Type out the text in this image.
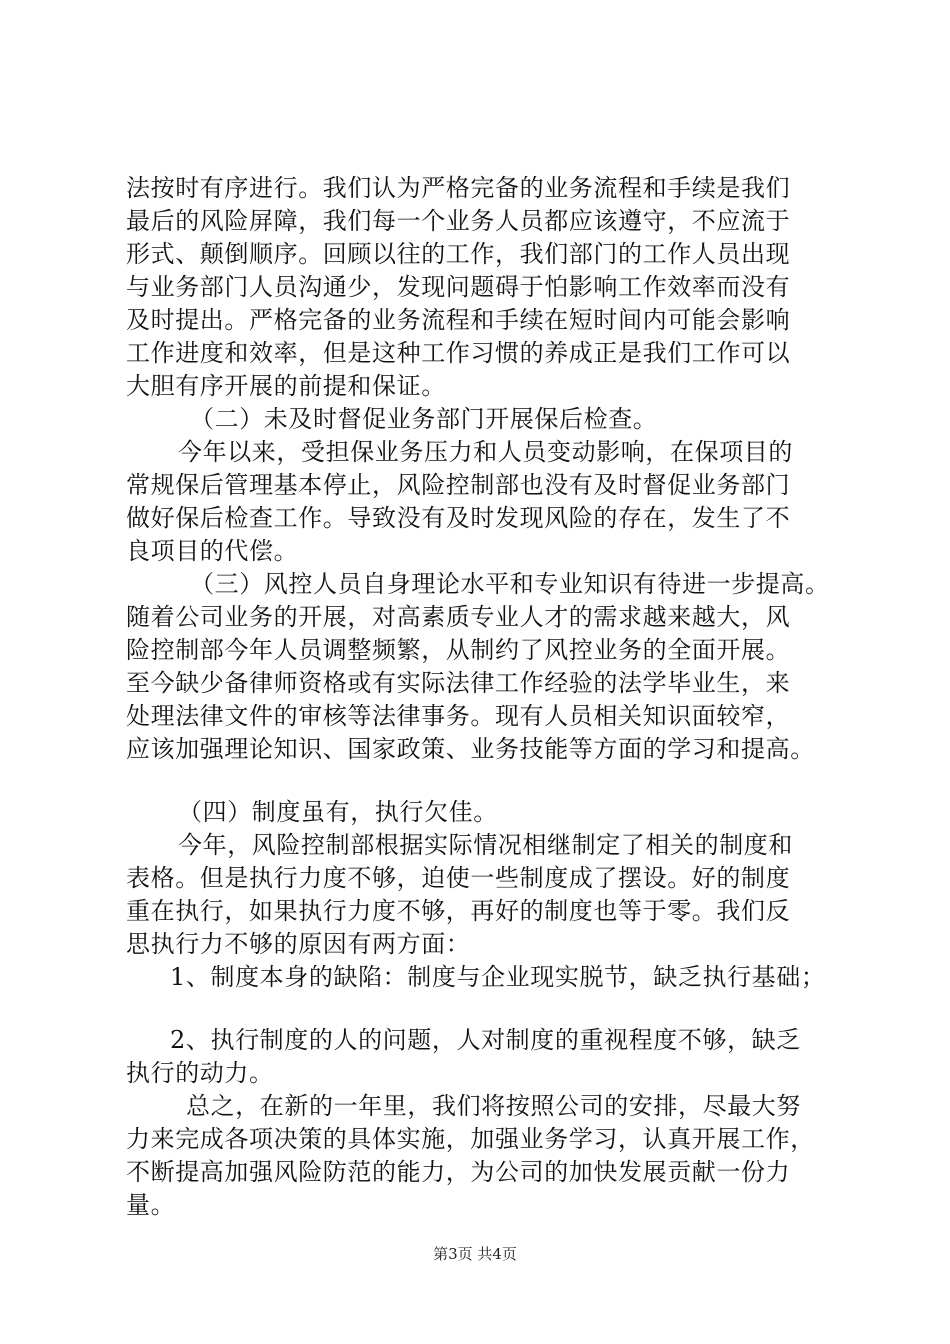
法按时有序进行。我们认为严格完备的业务流程和手续是我们
最后的风险屏障，我们每一个业务人员都应该遵守，不应流于
形式、颠倒顺序。回顾以往的工作，我们部门的工作人员出现
与业务部门人员沟通少，发现问题碍于怕影响工作效率而没有
及时提出。严格完备的业务流程和手续在短时间内可能会影响
工作进度和效率，但是这种工作习惯的养成正是我们工作可以
大胆有序开展的前提和保证。
（二）未及时督促业务部门开展保后检查。
今年以来，受担保业务压力和人员变动影响，在保项目的
常规保后管理基本停止，风险控制部也没有及时督促业务部门
做好保后检查工作。导致没有及时发现风险的存在，发生了不
良项目的代偿。
（三）风控人员自身理论水平和专业知识有待进一步提高。
随着公司业务的开展，对高素质专业人才的需求越来越大，风
险控制部今年人员调整频繁，从制约了风控业务的全面开展。
至今缺少备律师资格或有实际法律工作经验的法学毕业生，来
处理法律文件的审核等法律事务。现有人员相关知识面较窄，
应该加强理论知识、国家政策、业务技能等方面的学习和提高。
（四）制度虽有，执行欠佳。
今年，风险控制部根据实际情况相继制定了相关的制度和
表格。但是执行力度不够，迫使一些制度成了摆设。好的制度
重在执行，如果执行力度不够，再好的制度也等于零。我们反
思执行力不够的原因有两方面：
1、制度本身的缺陷：制度与企业现实脱节，缺乏执行基础；
2、执行制度的人的问题，人对制度的重视程度不够，缺乏
执行的动力。
总之，在新的一年里，我们将按照公司的安排，尽最大努
力来完成各项决策的具体实施，加强业务学习，认真开展工作，
不断提高加强风险防范的能力，为公司的加快发展贡献一份力
量。
第3页 共4页
